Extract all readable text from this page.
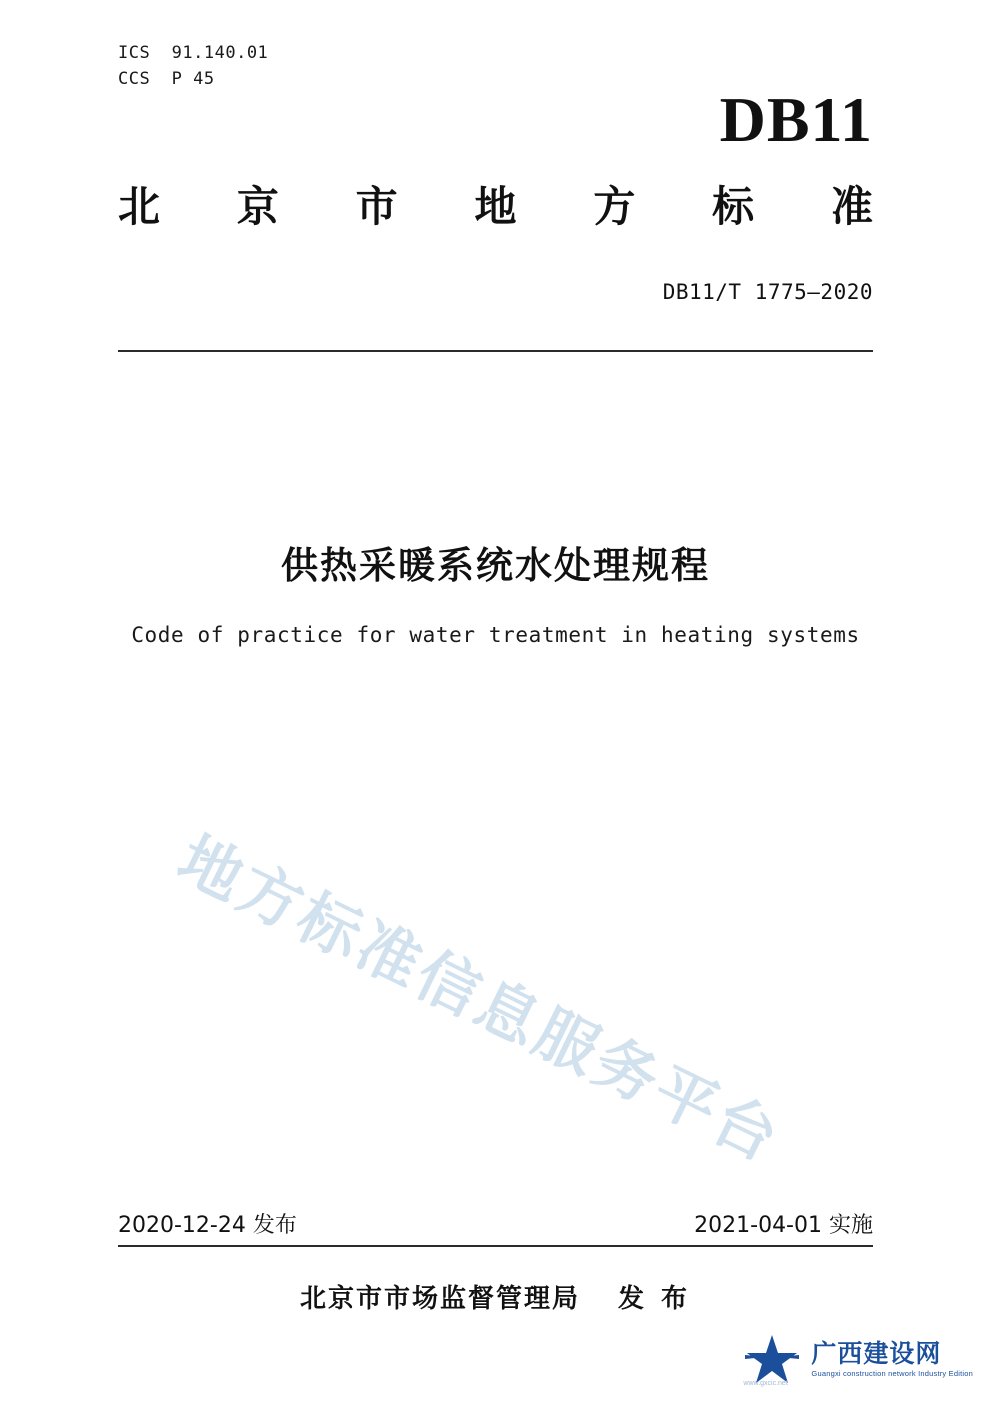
ICS  91.140.01
CCS  P 45
DB11
北 京 市 地 方 标 准
DB11/T 1775—2020
供热采暖系统水处理规程
Code of practice for water treatment in heating systems
地方标准信息服务平台
2020-12-24 发布	2021-04-01 实施
北京市市场监督管理局 发 布
广西建设网
Guangxi construction network Industry Edition
www.gxcic.net
